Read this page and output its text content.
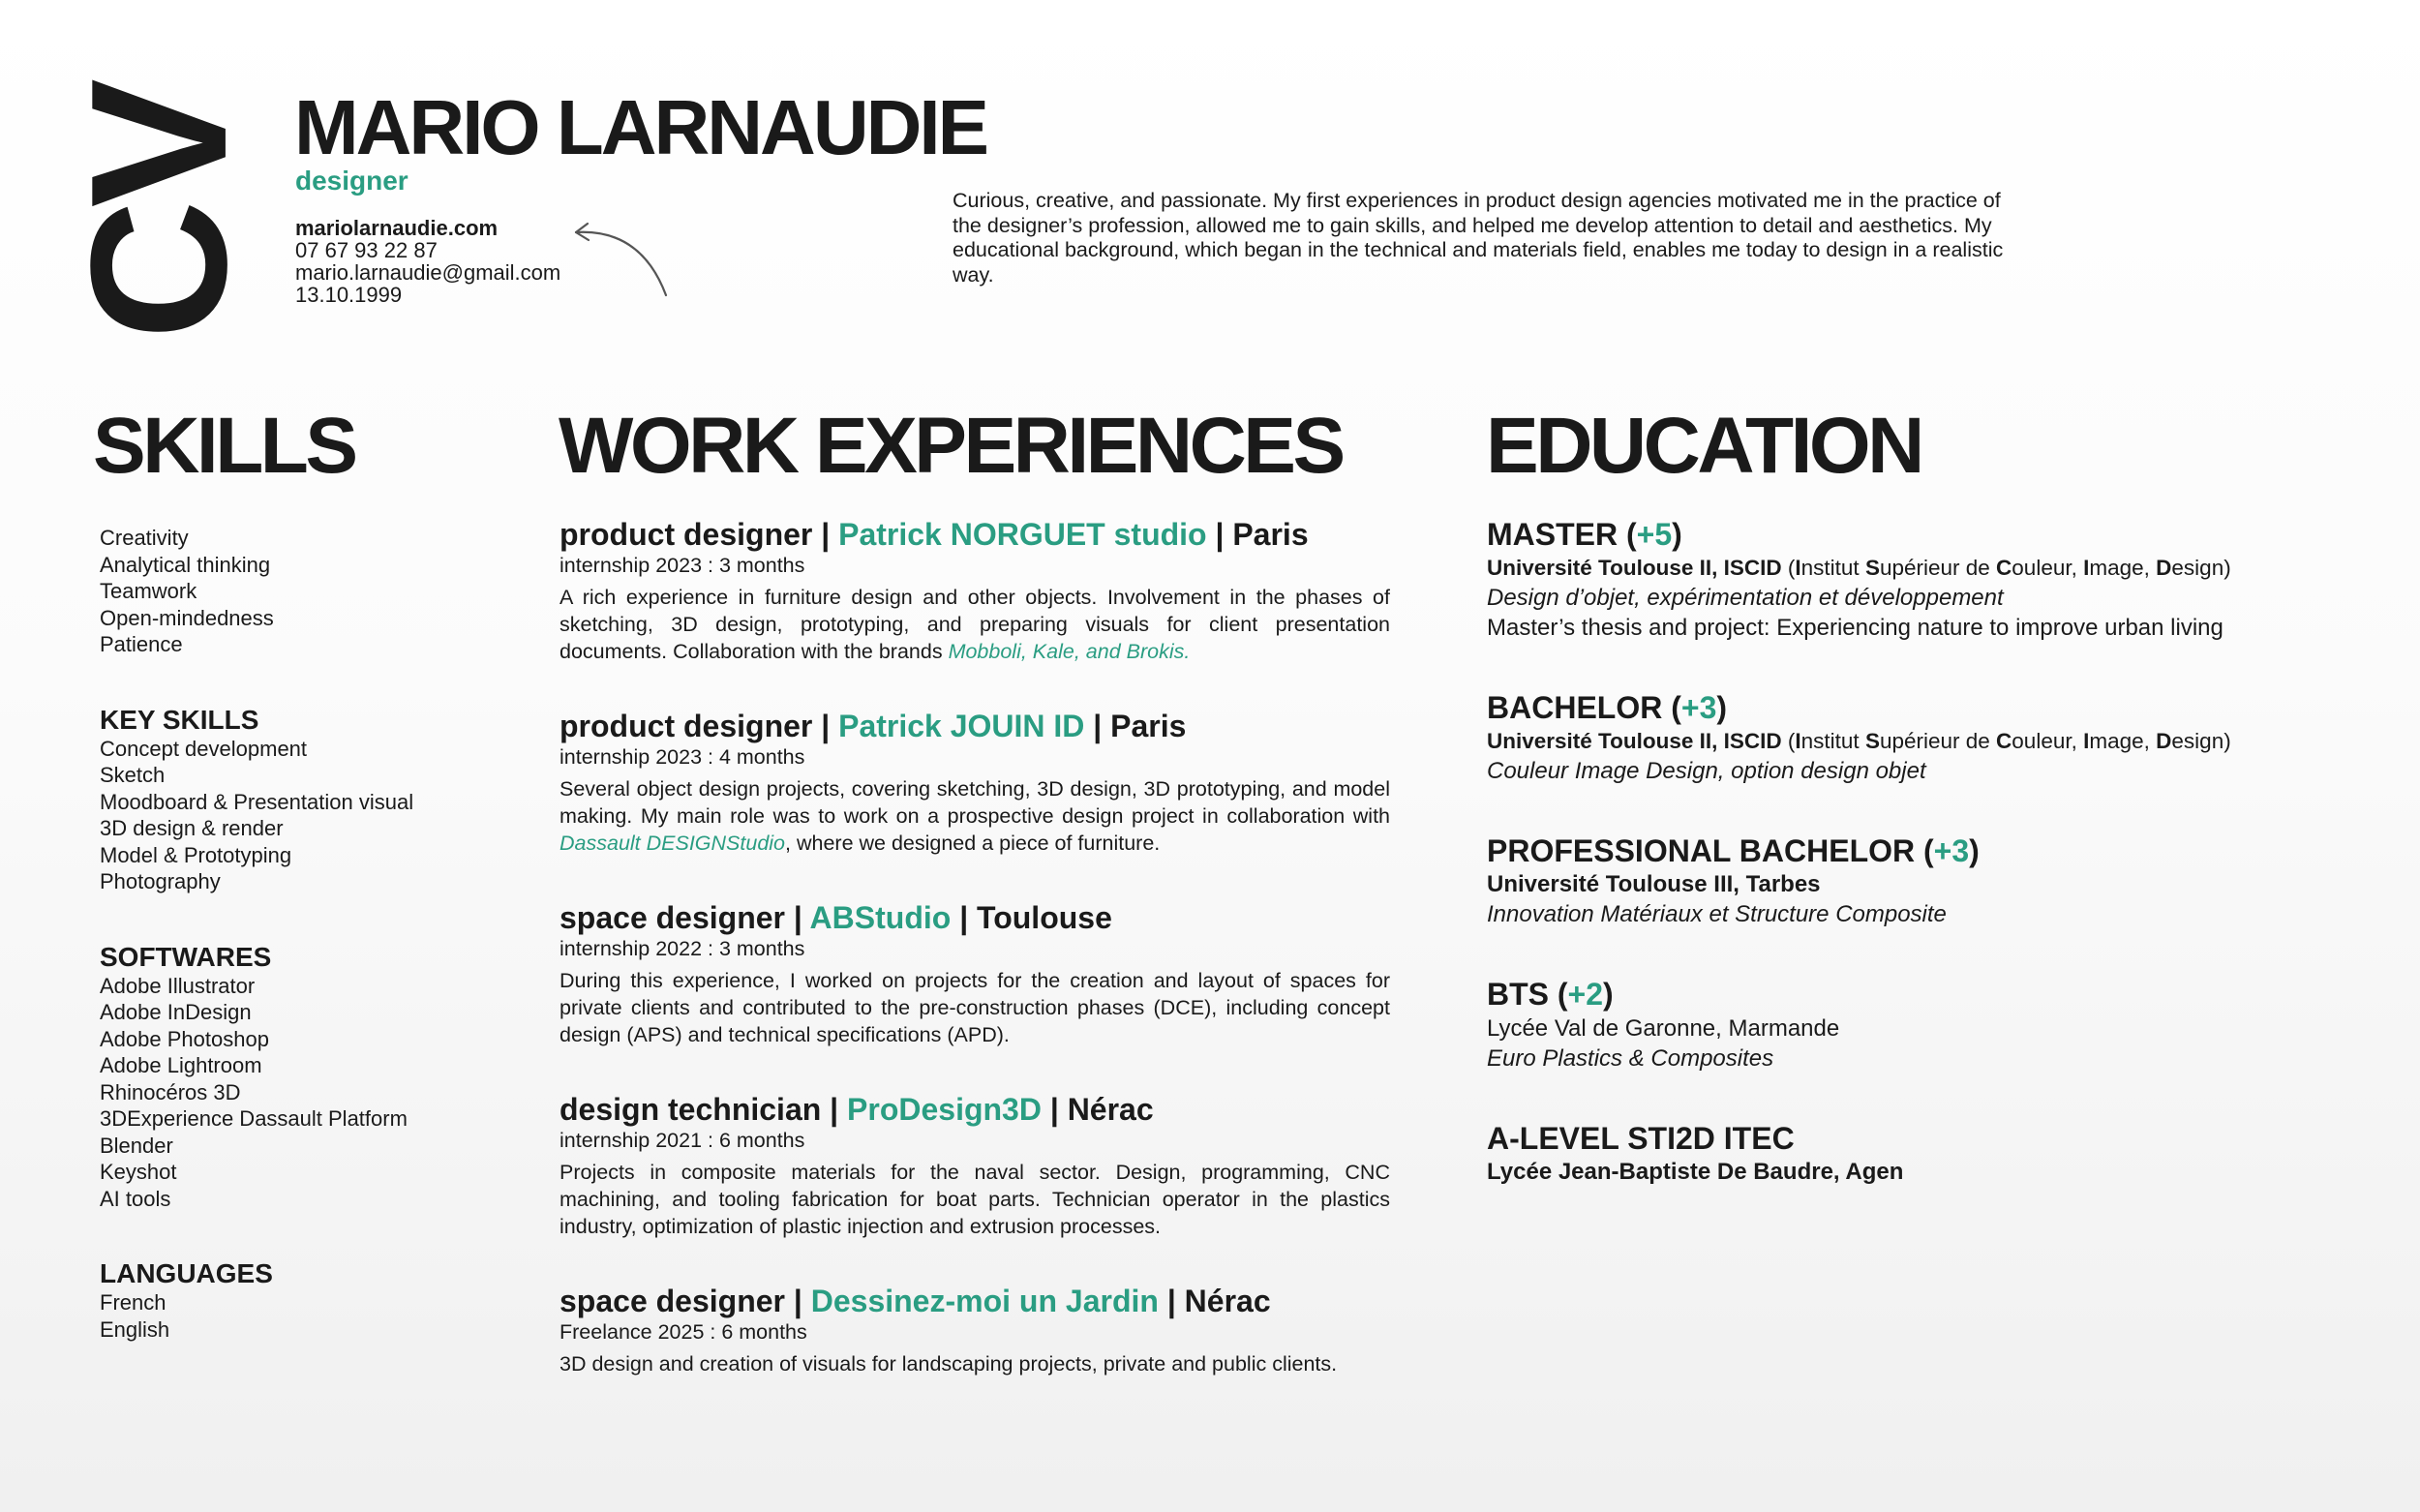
CV MARIO LARNAUDIE
designer
mariolarnaudie.com
07 67 93 22 87
mario.larnaudie@gmail.com
13.10.1999
Curious, creative, and passionate. My first experiences in product design agencies motivated me in the practice of the designer’s profession, allowed me to gain skills, and helped me develop attention to detail and aesthetics. My educational background, which began in the technical and materials field, enables me today to design in a realistic way.
SKILLS	WORK EXPERIENCES EDUCATION
Creativity
Analytical thinking
Teamwork
Open-mindedness
Patience
KEY SKILLS
Concept development
Sketch
Moodboard & Presentation visual
3D design & render
Model & Prototyping
Photography
SOFTWARES
Adobe Illustrator
Adobe InDesign
Adobe Photoshop
Adobe Lightroom
Rhinocéros 3D
3DExperience Dassault Platform
Blender
Keyshot
AI tools
LANGUAGES
French
English
product designer | Patrick NORGUET studio | Paris
internship 2023 : 3 months
A rich experience in furniture design and other objects. Involvement in the phases of sketching, 3D design, prototyping, and preparing visuals for client presentation documents. Collaboration with the brands Mobboli, Kale, and Brokis.
product designer | Patrick JOUIN ID | Paris
internship 2023 : 4 months
Several object design projects, covering sketching, 3D design, 3D prototyping, and model making. My main role was to work on a prospective design project in collaboration with Dassault DESIGNStudio, where we designed a piece of furniture.
space designer | ABStudio | Toulouse
internship 2022 : 3 months
During this experience, I worked on projects for the creation and layout of spaces for private clients and contributed to the pre-construction phases (DCE), including concept design (APS) and technical specifications (APD).
design technician | ProDesign3D | Nérac
internship 2021 : 6 months
Projects in composite materials for the naval sector. Design, programming, CNC machining, and tooling fabrication for boat parts. Technician operator in the plastics industry, optimization of plastic injection and extrusion processes.
space designer | Dessinez-moi un Jardin | Nérac
Freelance 2025 : 6 months
3D design and creation of visuals for landscaping projects, private and public clients.
MASTER (+5)
Université Toulouse II, ISCID (Institut Supérieur de Couleur, Image, Design)
Design d’objet, expérimentation et développement
Master’s thesis and project: Experiencing nature to improve urban living
BACHELOR (+3)
Université Toulouse II, ISCID (Institut Supérieur de Couleur, Image, Design)
Couleur Image Design, option design objet
PROFESSIONAL BACHELOR (+3)
Université Toulouse III, Tarbes
Innovation Matériaux et Structure Composite
BTS (+2)
Lycée Val de Garonne, Marmande
Euro Plastics & Composites
A-LEVEL STI2D ITEC
Lycée Jean-Baptiste De Baudre, Agen
